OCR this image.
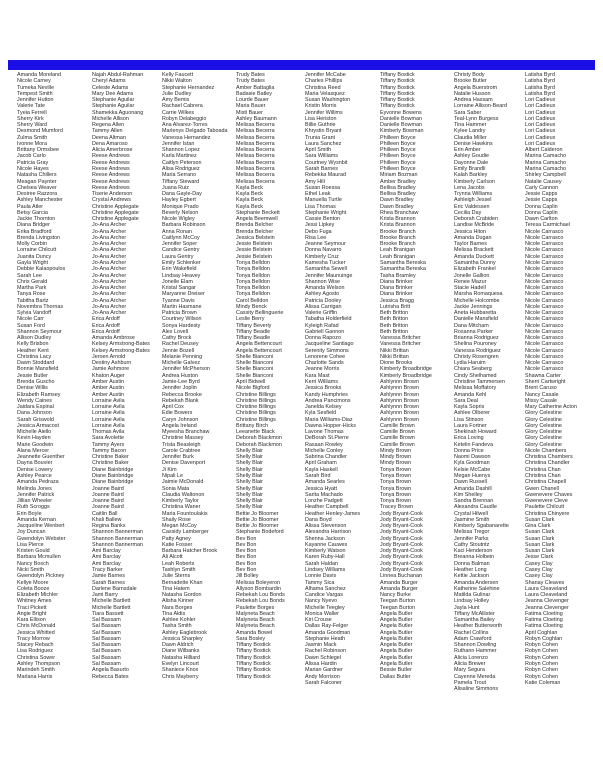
Amanda Moreland
Nicole Carney
Tumeka Neville
Tempest Smith
Jennifer Hutton
Valerie Tate
Tyeia Ferrell
Sherry Kirk
Sherry Ward
Desmond Mumford
Zulma Smith
Ivonne Mora
Brittany Ormsbee
Jacob Carlo
Patricia Gray
Nicole Hayes
Natasha Chillers
Meagan Paynter
Chelsea Weaver
Desiree Razzora
Ashley Manchester
Paula Atler
Betsy Garcia
Jackie Thornton
Diana Bridger
Erika Bradford
Brenda Livingston
Molly Corbin
Lorraine Chilcutt
Juanita Duncy
Gayla Wright
Debbie Kalaopoulos
Sarah Lee
Chris Gerald
Martha Park
Tanya Rose
Tabitha Bartz
Novembra Thornas
Sylvia Vandoff
Nicole Carr
Susan Ford
Shannon Seymour
Allison Dudley
Kelly Brisbon
Heather Kent
Christina Lacy
Dawn Stoddard
Bonnie Mansfield
Jessie Butler
Brenda Guscho
Denise Willis
Elizabeth Ramsey
Wendy Caines
Jaidara Espinal
Dana Johnson
Sarah Griswold
Jessica Armacost
Michelle Aiello
Kevin Hayden
Marie Goodwin
Alana Mercer
Jeannette Guenther
Dayna Bouvier
Denise Lowery
Ashley Pearce
Amanda Pedraza
Melinda Jones
Jennifer Patrick
Jillian Wheeler
Ruth Scroggs
Erin Boyle
Amanda Kernan
Jacqueline Wenbert
Joy Duncan
Gwendolyn Webster
Lisa Pierce
Kristen Gould
Barbara Mcmullen
Nancy Bosch
Nicki Smith
Gwendolyn Pickney
Kellye Moore
Coleta Booze
Elizabeth Michler
Whitney Ames
Traci Pickett
Angie Bright
Kara Ellison
Chris McDonald
Jessica Whitted
Tracy Morrow
Stacey Rebach
Lisa Rodriguez
Christina Sower
Ashley Thompson
Marindeh Smith
Marlana Harris
Najah Abdul-Rahman
Cheryl Adams
Celeste Adams
Mary Dee Adams
Stephanie Aguilar
Stephanie Aguilar
Shamekka Aguonang
Michelle Allison
Regena Allen
Tammy Allen
Deena Altman
Dena Amaroso
Alicia Amerbrose
Reese Andrews
Reese Andrews
Reese Andrews
Reese Andrews
Reese Andrews
Reese Andrews
Tiserie Anderson
Crystal Andrews
Christine Applegate
Christine Applegate
Christine Applegate
Jo-Ana Archer
Jo-Ana Archer
Jo-Ana Archer
Jo-Ana Archer
Jo-Ana Archer
Jo-Ana Archer
Jo-Ana Archer
Jo-Ana Archer
Jo-Ana Archer
Jo-Ana Archer
Jo-Ana Archer
Jo-Ana Archer
Jo-Ana Archer
Jo-Ana Archer
Jo-Ana Archer
Erica Ardoff
Erica Ardoff
Erica Ardoff
Amanda Ambrose
Kelsey Armstrong-Bates
Kelsey Armstrong-Bates
Jeroen Arnold
Destiny Ashburn
Jamie Ashmore
Khaton Auger
Amber Austin
Amber Austin
Amber Austin
Lorraine Avila
Lorraine Avila
Lorraine Avila
Lorraine Avila
Lorraine Avila
Thomas Avila
Sara Avolette
Tammy Ayers
Tammy Bacon
Christine Baker
Christine Baker
Diane Bainbridge
Diane Bainbridge
Diane Bainbridge
Joanne Baird
Joanne Baird
Joanne Baird
Joanne Baird
Caitlin Ball
Khali Ballew
Regina Banks
Shannon Bannerman
Shannon Bannerman
Shannon Bannerman
Ami Barclay
Ami Barclay
Ami Barclay
Tracy Barker
Jamie Barnes
Sarah Barnes
Darlene Barnsdale
Jami Barry
Michelle Bartlett
Michelle Bartlett
Tiara Bassett
Sal Bassam
Sal Bassam
Sal Bassam
Sal Bassam
Sal Bassam
Sal Bassam
Sal Bassam
Sal Bassam
Angela Basurto
Rebecca Bates
Kelly Faucett
Nikki Walton
Stephanie Hernandez
Julie Dudley
Amy Bemis
Rachael Cabrera
Carrie Wilkes
Robyn Delabeggio
Ana Alvarez-Torres
Marlenys Delgado Taboada
Vanessa Hernandez
Jennifer Istan
Shannon Lopez
Karla Martinez
Caitlyn Peterson
Alisa Rodriguez
Maria Serrano
Tiffany Steward
Juana Ruiz
Dana Gayle-Day
Hayley Egbert
Monique Prado
Beverly Nelson
Nicole Wigley
Barbara Robinson
Anna Ronan
Caitlynn McCoy
Jennifer Soper
Candice Gentry
Laura Gentry
Emily Schlenker
Erin Wakefield
Lindsay Heavey
Jonelle Elam
Kristal Sangar
Maryanne Dreiser
Tyanne Davis
Martin Hasmane
Patricia Brown
Courtney Wilson
Sonya Hardesty
Alex Lovell
Cathy Brock
Rachel Deusey
Jennie Bozell
Melanie Penning
Michelle Galvez
Jennifer McPherson
Andrea Huston
Jamie-Lee Byrd
Jennifer Joplin
Rebecca Brooke
Rebekah Blank
April Cox
Edie Bowers
Caryn Johnson
Angela Ireland
Myeesha Branchaw
Christine Massey
Trista Beasleigh
Carole Crabtree
Jennifer Burk
Denise Davenport
Ji Kim
Nipali Le
Jaimie McDonald
Sonia Mata
Claudia Waltonon
Kimberly Taylor
Christina Waner
Maria Fountoulakis
Shaily Rose
Megan McCoy
Cassidy Lamberger
Patty Agney
Katie Fosser
Barbara Hatcher Brook
Ali Alcott
Leah Roberts
Tashlyn Smith
Julie Sterns
Bernadette Khan
Tina Hatem
Natasha Gordon
Alisha Kinner
Nara Borges
Tina Aldis
Ashlee Kohler
Tasha Smith
Ashley Eaglebrook
Jessica Sharpley
Dawn Aldrich
Diane Wilbanks
Natasha Hilliard
Evelyn Lincourt
Shaniece Knox
Chris Mayberry
Trudy Bates
Trudy Bates
Amber Battaglia
Badasie Batley
Lourde Bauer
Maria Bauer
Misti Bauer
Ashley Baumann
Melissa Becerra
Melissa Becerra
Melissa Becerra
Melissa Becerra
Melissa Becerra
Melissa Becerra
Melissa Becerra
Melissa Becerra
Melissa Becerra
Melissa Becerra
Kayla Beck
Kayla Beck
Kayla Beck
Kayla Beck
Stephanie Beckett
Angela Beemwell
Brenda Belcher
Brenda Belcher
Jessica Belstein
Jessie Belstein
Jessie Belstein
Jessie Belstein
Tonya Belldon
Tonya Belldon
Tonya Belldon
Tonya Belldon
Tonya Belldon
Tonya Belldon
Carol Belldon
Mindy Benck
Cassity Bellinguerie
Leslie Berry
Tiffany Beverly
Tiffany Beadle
Tiffany Beadle
Angela Bettencourt
Angela Bettencourt
Shelle Bianconi
Shelle Bianconi
Shelle Bianconi
Shelle Bianconi
April Bidwell
Nicole Bigford
Christine Billings
Christine Billings
Christine Billings
Christine Billings
Christine Billings
Brittany Birch
Leeanette Black
Deborah Blackmon
Deborah Blackmon
Shelly Blair
Shelly Blair
Shelly Blair
Shelly Blair
Shelly Blair
Shelly Blair
Shelly Blair
Shelly Blair
Shelly Blair
Shelly Blair
Bettie Jo Bloomer
Bettie Jo Bloomer
Bettie Jo Bloomer
Stephanie Bodeford
Bev Bon
Bev Bon
Bev Bon
Bev Bon
Bev Bon
Bev Bon
Jill Bolley
Melissa Boleyeron
Allyson Bombardin
Rebekah Lou Bonds
Rebekah Lou Bonds
Paulette Borges
Malyneta Beach
Malyneta Beach
Malyneta Beach
Amanda Bowel
Sara Bosley
Tiffany Bostick
Tiffany Bostick
Tiffany Bostick
Tiffany Bostick
Tiffany Bostick
Tiffany Bostick
Jennifer McCabe
Charles Phillips
Christina Reed
Maria Velasquez
Susan Washington
Kristin Morris
Jennifer Willims
Lisa Heriston
Billie Guthrie
Khrystin Bryant
Trunia Grant
Laura Sanchez
April Smith
Sara Williams
Courtney Wysnbit
Sarah Barnes
Rebekka Maurad
Amy Hill
Susan Roessa
Ethel Leak
Manuella Turtle
Lisa Thomas
Stephanie Wright
Cassie Benton
Jessi Lipkey
Debo Fuga
Risa Lee
Jeanne Seymour
Donna Navarro
Kimberly Cruz
Kamesha Tucker
Samantha Sewell
Jennifer Maunuinge
Shannon Wise
Amanda Welson
Ashley Agosto
Patricia Dooley
Alissa Carrigan
Valerie Griffin
Tabatha Holderfield
Kyleigh Rafad
Gabriell Gannon
Donna Rapozo
Jacqueline Santiago
Serenity Simmons
Lenorene Cohee
Charlotte Sands
Jeanne Morris
Kara Mast
Kerri Williams
Jessica Brooks
Kandy Humphries
Andrea Pancimons
Janelda Kelsey
Kyla Sesfield
Maria Williams-Diaz
Dawna Hopper-Hicks
Lavone Thomas
DeBorah St.Pierre
Rasaan Rowley
Michelle Conley
Sabrina Chandler
April Graham
Kayla Haskell
Sarah Bird
Amanda Searles
Jessica Hyatt
Sarita Machado
Lonzhe Padgett
Heather Campbell
Heather Henley-James
Dana Boyd
Alissa Stevenson
Alexandra Harrison
Shenna Jackson
Kayanne Cauwes
Kimberly Watson
Karen Ruby-Hall
Sarah Haldan
Lindsey Williams
Lonnie Davis
Tammy Sica
Alhama Sanchez
Candice Vargas
Nancy Nyevo
Michelle Teegley
Monica Waller
Kiri Crouse
Dallas Ray-Felger
Amanda Goodman
Stephanie Heath
Jasmin Mack
Rachel Robinson
Dawn Schlegel
Alissa Hardin
Marian Gardner
Andy Morrison
Sarah Falconer
Tiffany Bostick
Tiffany Bostick
Tiffany Bostick
Tiffany Bostick
Tiffany Bostick
Tiffany Bostick
Eyvonne Bowens
Danielle Bowman
Danielle Bowman
Kimberly Bowman
Philleen Boyce
Philleen Boyce
Philleen Boyce
Philleen Boyce
Philleen Boyce
Philleen Boyce
Miriam Bozman
Amber Bradley
Bellisa Bradley
Bellisa Bradley
Dawn Bradley
Dawn Bradley
Rhea Branchaw
Krista Brannon
Krista Brannon
Brooke Branch
Brooke Branch
Brooke Branch
Leah Branigan
Leah Branigan
Samantha Bereska
Samantha Bereska
Tasha Bramley
Diana Brinker
Diana Brinker
Diana Brinker
Jessica Bragg
Lutrisha Britt
Beth Britton
Beth Britton
Beth Britton
Beth Britton
Vanessa Britcher
Vanessa Britcher
Nikki Brittan
Nikki Brittan
Dione Brooks
Kimberly Broadbridge
Kimberly Broadbridge
Ashlynnn Brown
Ashlynnn Brown
Ashlynnn Brown
Ashlynnn Brown
Ashlynnn Brown
Ashlynnn Brown
Ashlynnn Brown
Camille Brown
Camille Brown
Camille Brown
Camille Brown
Mindy Brown
Mindy Brown
Mindy Brown
Tonya Brown
Tonya Brown
Tonya Brown
Tonya Brown
Tonya Brown
Tonya Brown
Tracey Brown
Jody Bryant-Cook
Jody Bryant-Cook
Jody Bryant-Cook
Jody Bryant-Cook
Jody Bryant-Cook
Jody Bryant-Cook
Jody Bryant-Cook
Jody Bryant-Cook
Jody Bryant-Cook
Jody Bryant-Cook
Linnea Buchanan
Amanda Burger
Amanda Burger
Nancy Burke
Teegan Burton
Teegan Burton
Angela Butler
Angela Butler
Angela Butler
Angela Butler
Angela Butler
Angela Butler
Angela Butler
Angela Butler
Angela Butler
Bessie Butler
Dallas Butler
Christy Body
Brooke Butler
Angela Buerstrom
Natalie Husson
Andrea Hassam
Lorraine Allison-Beard
Sara Saber
Teal-Lynn Burgess
Tina Hammer
Kylee Landry
Claudia Miller
Denise Hawkins
Erin Amber
Ashley Goudie
Dayonne Dale
Emily Brandli
Kalah Barkley
Kimberly Carlson
Lena Jacobs
Trynna Williams
Ashleigh Jessel
Eric Valdessen
Cecilia Day
Deborah Crabiden
Landise McBride
Jessica Hiton
Amanda Dugan
Taylor Barnes
Melissa Brackett
Amanda Duckett
Samantha Dunny
Elizabeth Frankel
Jonelle Gallion
Renee Mazur
Stacie Hadell
Marsha Romaquesa
Michelle Holcombe
Jackie Jennings
Aneta Hubbaretta
Danielle Mansfield
Dana Mitcham
Rosanna Parker
Brianna Rodriguez
Shelina Pouroney
Vanessa Rodriguez
Christy Rosengren
Lydia Haruim
Chiara Seaberg
Cindy Shelhamed
Christine Tammersen
Melissa Moffatory
Amanda Kehl
Sara Deal
Kayla Sopris
Ashlee Olberer
Lisa Stinson
Laura Fortner
Shekinah Howard
Erica Loving
Ketelin Fandeva
Donna Price
Naomi Dawson
Kyla Goodman
Kelsie McCabe
Megan Huenys
Dawn Russell
Amanda Dashill
Kim Shelley
Sandra Brennan
Alexandra Caudle
Crystal Hilwell
Jasmine Smith
Kimberly Sgabanarette
Melissa Tregor
Jennifer Parks
Cathy Stoutntz
Kaci Henderson
Breanna Holbein
Donna Balman
Heather Long
Kettie Jackson
Amanda Andersen
Katherine Salehine
Matilda Gulinar
Lindsay Holley
Jayla Hunt
Tiffany McAllister
Samantha Bailey
Heather Butterworth
Rachel Collins
Adam Crawford
Shannon Dowling
Ruthann Hammer
Alicia Lorenzo
Alicia Brewer
Mary Segura
Cayenne Mereda
Pamela Trout
Alisaline Simmons
Latisha Byrd
Latisha Byrd
Latisha Byrd
Latisha Byrd
Lori Cadieux
Lori Cadieux
Lori Cadieux
Lori Cadieux
Lori Cadieux
Lori Cadieux
Lori Cadieux
Lori Cadieux
Albert Calderon
Marina Camacho
Marina Camacho
Marina Camacho
Shirley Campbell
Natalie Causey
Carly Cannon
Jessie Capps
Jessie Capps
Donna Caplin
Donna Caplin
Dawn Carlton
Teresa Carmichael
Nicole Carrasco
Nicole Carrasco
Nicole Carrasco
Nicole Carrasco
Nicole Carrasco
Nicole Carrasco
Nicole Carrasco
Nicole Carrasco
Nicole Carrasco
Nicole Carrasco
Nicole Carrasco
Nicole Carrasco
Nicole Carrasco
Nicole Carrasco
Nicole Carrasco
Nicole Carrasco
Nicole Carrasco
Nicole Carrasco
Nicole Carrasco
Nicole Carrasco
Nicole Carrasco
Nicole Carrasco
Nicole Carrasco
Shawna Carter
Sherri Cartwright
Brent Caruso
Nancy Casale
Missy Casale
Mary Catherine Acton
Glory Celestine
Glory Celestine
Glory Celestine
Glory Celestine
Glory Celestine
Glory Celestine
Nicole Chambers
Christina Chambers
Christina Chandler
Christina Chan
Christina Chan
Christina Chapell
Gwen Chanell
Gwenevere Chaves
Gwenevere Cleve
Paulette Chilcutt
Christina Chinyere
Susan Clark
Gina Clark
Susan Clark
Susan Clark
Susan Clark
Susan Clark
Jesse Clark
Casey Clay
Casey Clay
Casey Clay
Shanay Cleaves
Laura Cleaveland
Laura Cleaveland
Jeanna Clevenger
Jeanna Clevenger
Fatima Cloeting
Fatima Cloeting
Fatima Cloeting
April Coghlan
Robyn Coghlan
Robyn Cohen
Robyn Cohen
Robyn Cohen
Robyn Cohen
Robyn Cohen
Robyn Cohen
Katie Coleman
